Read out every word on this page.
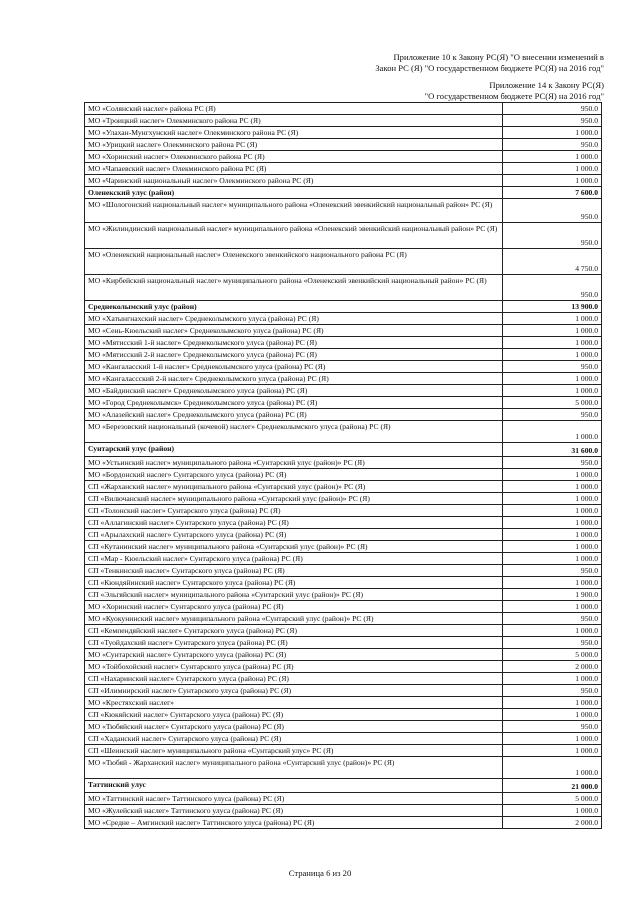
Приложение 10 к Закону РС(Я) "О внесении изменений в
Закон РС (Я) "О государственном бюджете РС(Я) на 2016 год"
Приложение 14 к Закону РС(Я)
"О государственном бюджете РС(Я) на 2016 год"
МО «Солянский наслег» района РС (Я)	950.0
МО «Троицкий наслег» Олекминского района РС (Я)	950.0
МО «Улахан-Мунгхунский наслег» Олекминского района РС (Я)	1 000.0
МО «Урицкий наслег» Олекминского района РС (Я)	950.0
МО «Хоринский наслег» Олекминского района РС (Я)	1 000.0
МО «Чапаевский наслег» Олекминского района РС (Я)	1 000.0
МО «Чаринский национальный наслег» Олекминского района РС (Я)	1 000.0
Оленекский улус (район)	7 600.0
МО «Шологонский национальный наслег» муниципального района «Оленекский эвенкийский национальный район» РС (Я)	950.0
МО «Жилиндинский национальный наслег» муниципального района «Оленекский эвенкийский национальный район» РС (Я)	950.0
МО «Оленекский национальный наслег» Оленекского эвенкийского национального района РС (Я)	4 750.0
МО «Кирбейский национальный наслег» муниципального района «Оленекский эвенкийский национальный район» РС (Я)	950.0
Среднеколымский улус (район)	13 900.0
МО «Хатынгнахский наслег» Среднеколымского улуса (района) РС (Я)	1 000.0
МО «Сень-Кюельский наслег» Среднеколымского улуса (района) РС (Я)	1 000.0
МО «Мятисский 1-й наслег» Среднеколымского улуса (района) РС (Я)	1 000.0
МО «Мятисский 2-й наслег» Среднеколымского улуса (района) РС (Я)	1 000.0
МО «Кангаласский 1-й наслег» Среднеколымского улуса (района) РС (Я)	950.0
МО «Кангалассский 2-й наслег» Среднеколымского улуса (района) РС (Я)	1 000.0
МО «Байдинский наслег» Среднеколымского улуса (района) РС (Я)	1 000.0
МО «Город Среднеколымск» Среднеколымского улуса (района) РС (Я)	5 000.0
МО «Алазейский наслег» Среднеколымского улуса (района) РС (Я)	950.0
МО «Березовский национальный (кочевой) наслег» Среднеколымского улуса (района) РС (Я)	1 000.0
Сунтарский улус (район)	31 600.0
МО «Устьинский наслег» муниципального района «Сунтарский улус (район)» РС (Я)	950.0
МО «Бордонский наслег» Сунтарского улуса (района) РС (Я)	1 000.0
СП «Жарханский наслег» муниципального района «Сунтарский улус (район)» РС (Я)	1 000.0
СП «Вилючанский наслег» муниципального района «Сунтарский улус (район)» РС (Я)	1 000.0
СП «Толонский наслег» Сунтарского улуса (района) РС (Я)	1 000.0
СП «Аллагинский наслег» Сунтарского улуса (района) РС (Я)	1 000.0
СП «Арылахский наслег» Сунтарского улуса (района) РС (Я)	1 000.0
СП «Кутанинский наслег» муниципального района «Сунтарский улус (район)» РС (Я)	1 000.0
СП «Мар - Кюельский наслег» Сунтарского улуса (района) РС (Я)	1 000.0
СП «Тенкинский наслег» Сунтарского улуса (района) РС (Я)	950.0
СП «Кюндяйинский наслег» Сунтарского улуса (района) РС (Я)	1 000.0
СП «Эльгяйский наслег» муниципального района «Сунтарский улус (район)» РС (Я)	1 900.0
МО «Хоринский наслег» Сунтарского улуса (района) РС (Я)	1 000.0
МО «Куокунинский наслег» муниципального района «Сунтарский улус (район)» РС (Я)	950.0
СП «Кемпендяйский наслег» Сунтарского улуса (района) РС (Я)	1 000.0
СП «Туойдахский наслег» Сунтарского улуса (района) РС (Я)	950.0
МО «Сунтарский наслег» Сунтарского улуса (района) РС (Я)	5 000.0
МО «Тойбохойский наслег» Сунтарского улуса (района) РС (Я)	2 000.0
СП «Нахаринский наслег» Сунтарского улуса (района) РС (Я)	1 000.0
СП «Илимнирский наслег» Сунтарского улуса (района) РС (Я)	950.0
МО «Крестяхский наслег»	1 000.0
СП «Кюкяйский наслег» Сунтарского улуса (района) РС (Я)	1 000.0
МО «Тюбяйский наслег» Сунтарского улуса (района) РС (Я)	950.0
СП «Хаданский наслег» Сунтарского улуса (района) РС (Я)	1 000.0
СП «Шеинский наслег» муниципального района «Сунтарский улус» РС (Я)	1 000.0
МО «Тюбяй - Жарханский наслег» муниципального района «Сунтарский улус (район)» РС (Я)	1 000.0
Таттинский улус	21 000.0
МО «Таттинский наслег» Таттинского улуса (района) РС (Я)	5 000.0
МО «Жулейский наслег» Таттинского улуса (района) РС (Я)	1 000.0
МО «Средне – Амгинский наслег» Таттинского улуса (района) РС (Я)	2 000.0
Страница 6 из 20
